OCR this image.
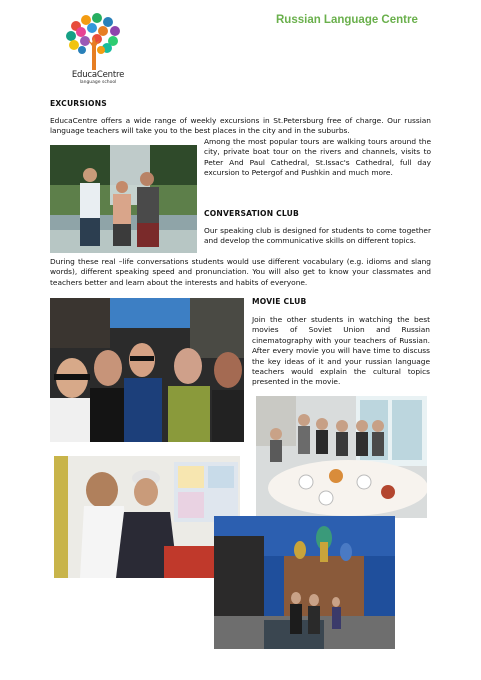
EducaCentre
language school
Russian Language Centre
EXCURSIONS
EducaCentre offers a wide range of weekly excursions in St.Petersburg free of charge. Our russian language teachers will take you to the best places in the city and in the suburbs.
Among the most popular tours are walking tours around the city, private boat tour on the rivers and channels, visits to Peter And Paul Cathedral, St.Issac's Cathedral, full day excursion to Petergof and Pushkin and much more.
CONVERSATION CLUB
Our speaking club is designed for students to come together and develop the communicative skills on different topics.
During these real –life conversations students would use different vocabulary (e.g. idioms and slang words), different speaking speed and pronunciation. You will also get to know your classmates and teachers better and learn about the interests and habits of everyone.
MOVIE CLUB
Join the other students in watching the best movies of Soviet Union and Russian cinematography with your teachers of Russian. After every movie you will have time to discuss the key ideas of it and your russian language teachers would explain the cultural topics presented in the movie.
